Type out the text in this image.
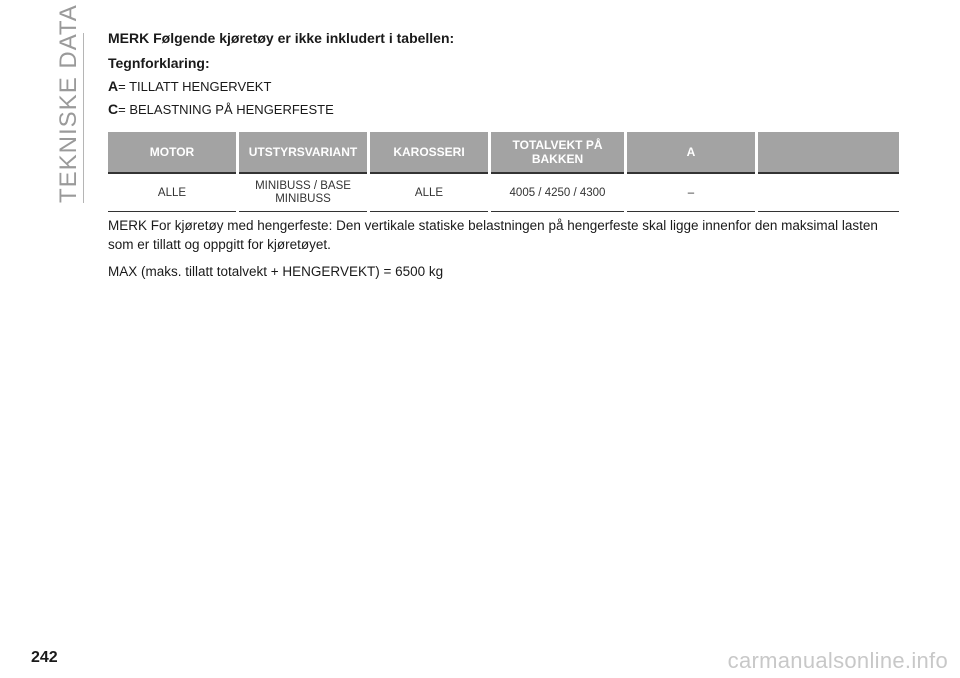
TEKNISKE DATA	MERK Følgende kjøretøy er ikke inkludert i tabellen:
Tegnforklaring:
A= TILLATT HENGERVEKT
C= BELASTNING PÅ HENGERFESTE
MOTOR	UTSTYRSVARIANT	KAROSSERI	TOTALVEKT PÅ BAKKEN	A	
ALLE	MINIBUSS / BASE MINIBUSS	ALLE	4005 / 4250 / 4300	–	

MERK For kjøretøy med hengerfeste: Den vertikale statiske belastningen på hengerfeste skal ligge innenfor den maksimal lasten som er tillatt og oppgitt for kjøretøyet.

MAX (maks. tillatt totalvekt + HENGERVEKT) = 6500 kg

242	carmanualsonline.info
